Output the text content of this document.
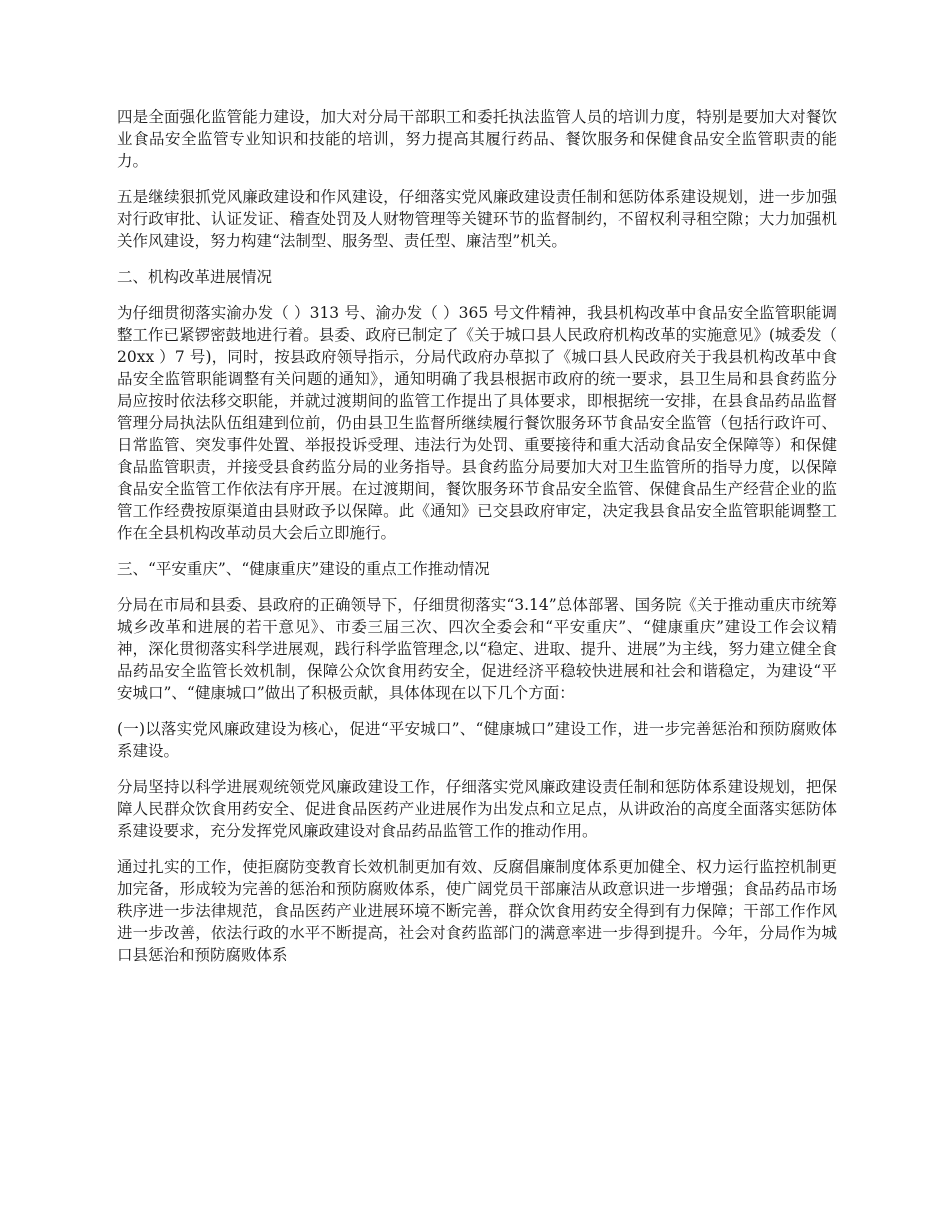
四是全面强化监管能力建设，加大对分局干部职工和委托执法监管人员的培训力度，特别是要加大对餐饮业食品安全监管专业知识和技能的培训，努力提高其履行药品、餐饮服务和保健食品安全监管职责的能力。

五是继续狠抓党风廉政建设和作风建设，仔细落实党风廉政建设责任制和惩防体系建设规划，进一步加强对行政审批、认证发证、稽查处罚及人财物管理等关键环节的监督制约，不留权利寻租空隙；大力加强机关作风建设，努力构建“法制型、服务型、责任型、廉洁型”机关。

二、机构改革进展情况

为仔细贯彻落实渝办发（ ）313 号、渝办发（ ）365 号文件精神，我县机构改革中食品安全监管职能调整工作已紧锣密鼓地进行着。县委、政府已制定了《关于城口县人民政府机构改革的实施意见》(城委发（ 20xx ）7 号)，同时，按县政府领导指示，分局代政府办草拟了《城口县人民政府关于我县机构改革中食品安全监管职能调整有关问题的通知》，通知明确了我县根据市政府的统一要求，县卫生局和县食药监分局应按时依法移交职能，并就过渡期间的监管工作提出了具体要求，即根据统一安排，在县食品药品监督管理分局执法队伍组建到位前，仍由县卫生监督所继续履行餐饮服务环节食品安全监管（包括行政许可、日常监管、突发事件处置、举报投诉受理、违法行为处罚、重要接待和重大活动食品安全保障等）和保健食品监管职责，并接受县食药监分局的业务指导。县食药监分局要加大对卫生监管所的指导力度，以保障食品安全监管工作依法有序开展。在过渡期间，餐饮服务环节食品安全监管、保健食品生产经营企业的监管工作经费按原渠道由县财政予以保障。此《通知》已交县政府审定，决定我县食品安全监管职能调整工作在全县机构改革动员大会后立即施行。

三、“平安重庆”、“健康重庆”建设的重点工作推动情况

分局在市局和县委、县政府的正确领导下，仔细贯彻落实“3.14”总体部署、国务院《关于推动重庆市统筹城乡改革和进展的若干意见》、市委三届三次、四次全委会和“平安重庆”、“健康重庆”建设工作会议精神，深化贯彻落实科学进展观，践行科学监管理念,以“稳定、进取、提升、进展”为主线，努力建立健全食品药品安全监管长效机制，保障公众饮食用药安全，促进经济平稳较快进展和社会和谐稳定，为建设“平安城口”、“健康城口”做出了积极贡献，具体体现在以下几个方面：

(一)以落实党风廉政建设为核心，促进“平安城口”、“健康城口”建设工作，进一步完善惩治和预防腐败体系建设。

分局坚持以科学进展观统领党风廉政建设工作，仔细落实党风廉政建设责任制和惩防体系建设规划，把保障人民群众饮食用药安全、促进食品医药产业进展作为出发点和立足点，从讲政治的高度全面落实惩防体系建设要求，充分发挥党风廉政建设对食品药品监管工作的推动作用。

通过扎实的工作，使拒腐防变教育长效机制更加有效、反腐倡廉制度体系更加健全、权力运行监控机制更加完备，形成较为完善的惩治和预防腐败体系，使广阔党员干部廉洁从政意识进一步增强；食品药品市场秩序进一步法律规范，食品医药产业进展环境不断完善，群众饮食用药安全得到有力保障；干部工作作风进一步改善，依法行政的水平不断提高，社会对食药监部门的满意率进一步得到提升。今年，分局作为城口县惩治和预防腐败体系
